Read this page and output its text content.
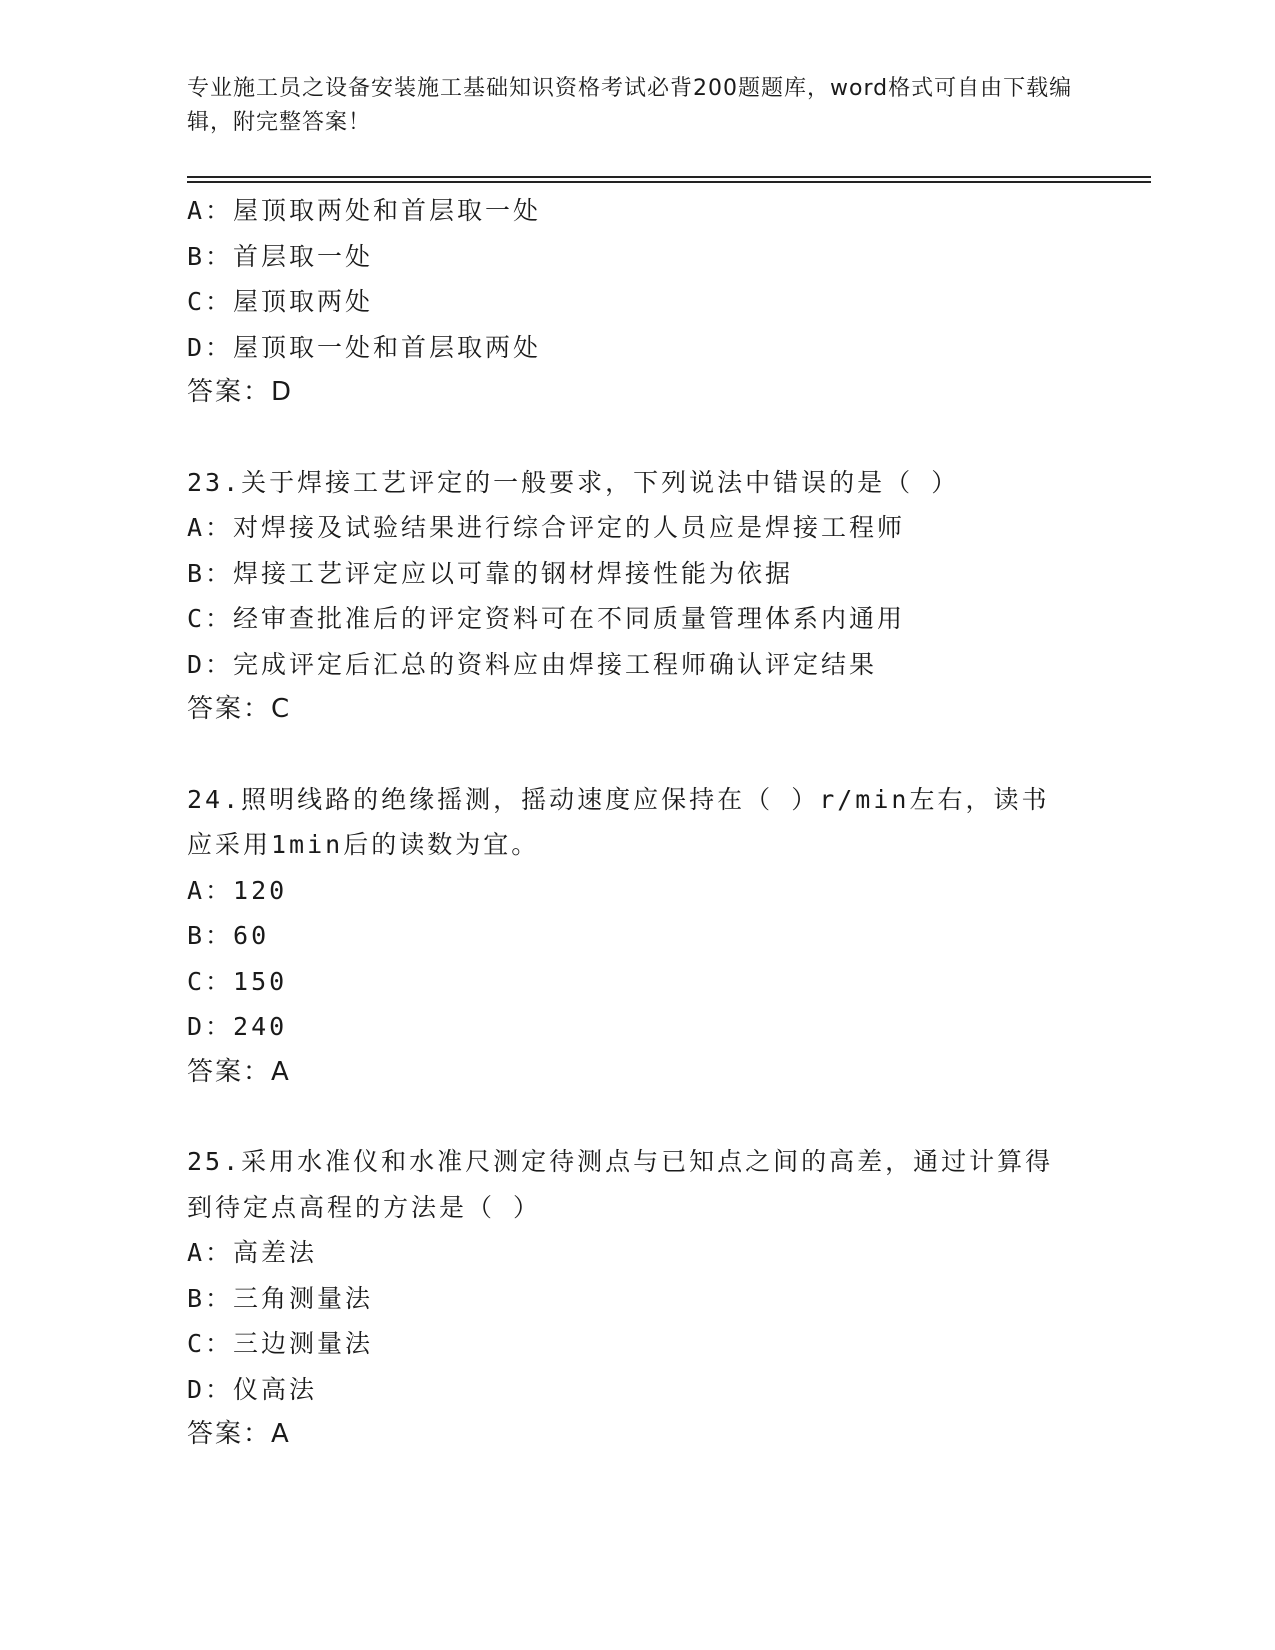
专业施工员之设备安装施工基础知识资格考试必背200题题库，word格式可自由下载编辑，附完整答案！
A：屋顶取两处和首层取一处
B：首层取一处
C：屋顶取两处
D：屋顶取一处和首层取两处
答案：D
23.关于焊接工艺评定的一般要求，下列说法中错误的是（ ）
A：对焊接及试验结果进行综合评定的人员应是焊接工程师
B：焊接工艺评定应以可靠的钢材焊接性能为依据
C：经审查批准后的评定资料可在不同质量管理体系内通用
D：完成评定后汇总的资料应由焊接工程师确认评定结果
答案：C
24.照明线路的绝缘摇测，摇动速度应保持在（ ）r/min左右，读书应采用1min后的读数为宜。
A：120
B：60
C：150
D：240
答案：A
25.采用水准仪和水准尺测定待测点与已知点之间的高差，通过计算得到待定点高程的方法是（ ）
A：高差法
B：三角测量法
C：三边测量法
D：仪高法
答案：A
